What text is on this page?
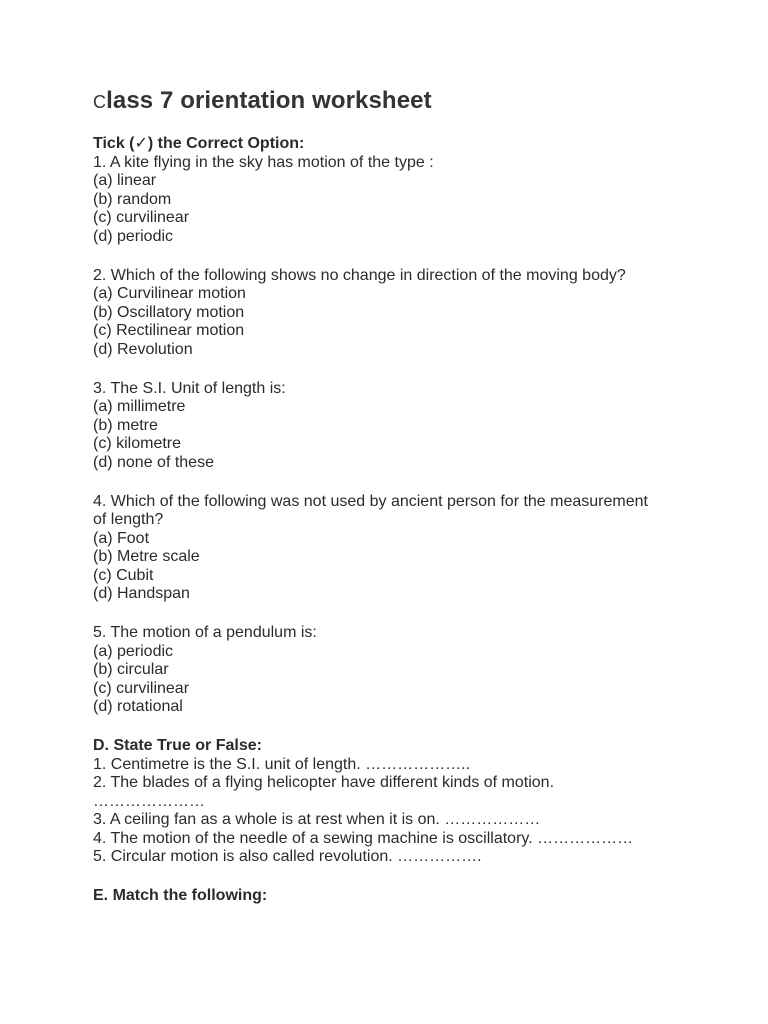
Class 7 orientation worksheet
Tick (✓) the Correct Option:
1. A kite flying in the sky has motion of the type :
(a) linear
(b) random
(c) curvilinear
(d) periodic
2. Which of the following shows no change in direction of the moving body?
(a) Curvilinear motion
(b) Oscillatory motion
(c) Rectilinear motion
(d) Revolution
3. The S.I. Unit of length is:
(a) millimetre
(b) metre
(c) kilometre
(d) none of these
4. Which of the following was not used by ancient person for the measurement
of length?
(a) Foot
(b) Metre scale
(c) Cubit
(d) Handspan
5. The motion of a pendulum is:
(a) periodic
(b) circular
(c) curvilinear
(d) rotational
D. State True or False:
1. Centimetre is the S.I. unit of length. ………………..
2. The blades of a flying helicopter have different kinds of motion.
…………………
3. A ceiling fan as a whole is at rest when it is on. ………………
4. The motion of the needle of a sewing machine is oscillatory. ………………
5. Circular motion is also called revolution. …………….
E. Match the following:
